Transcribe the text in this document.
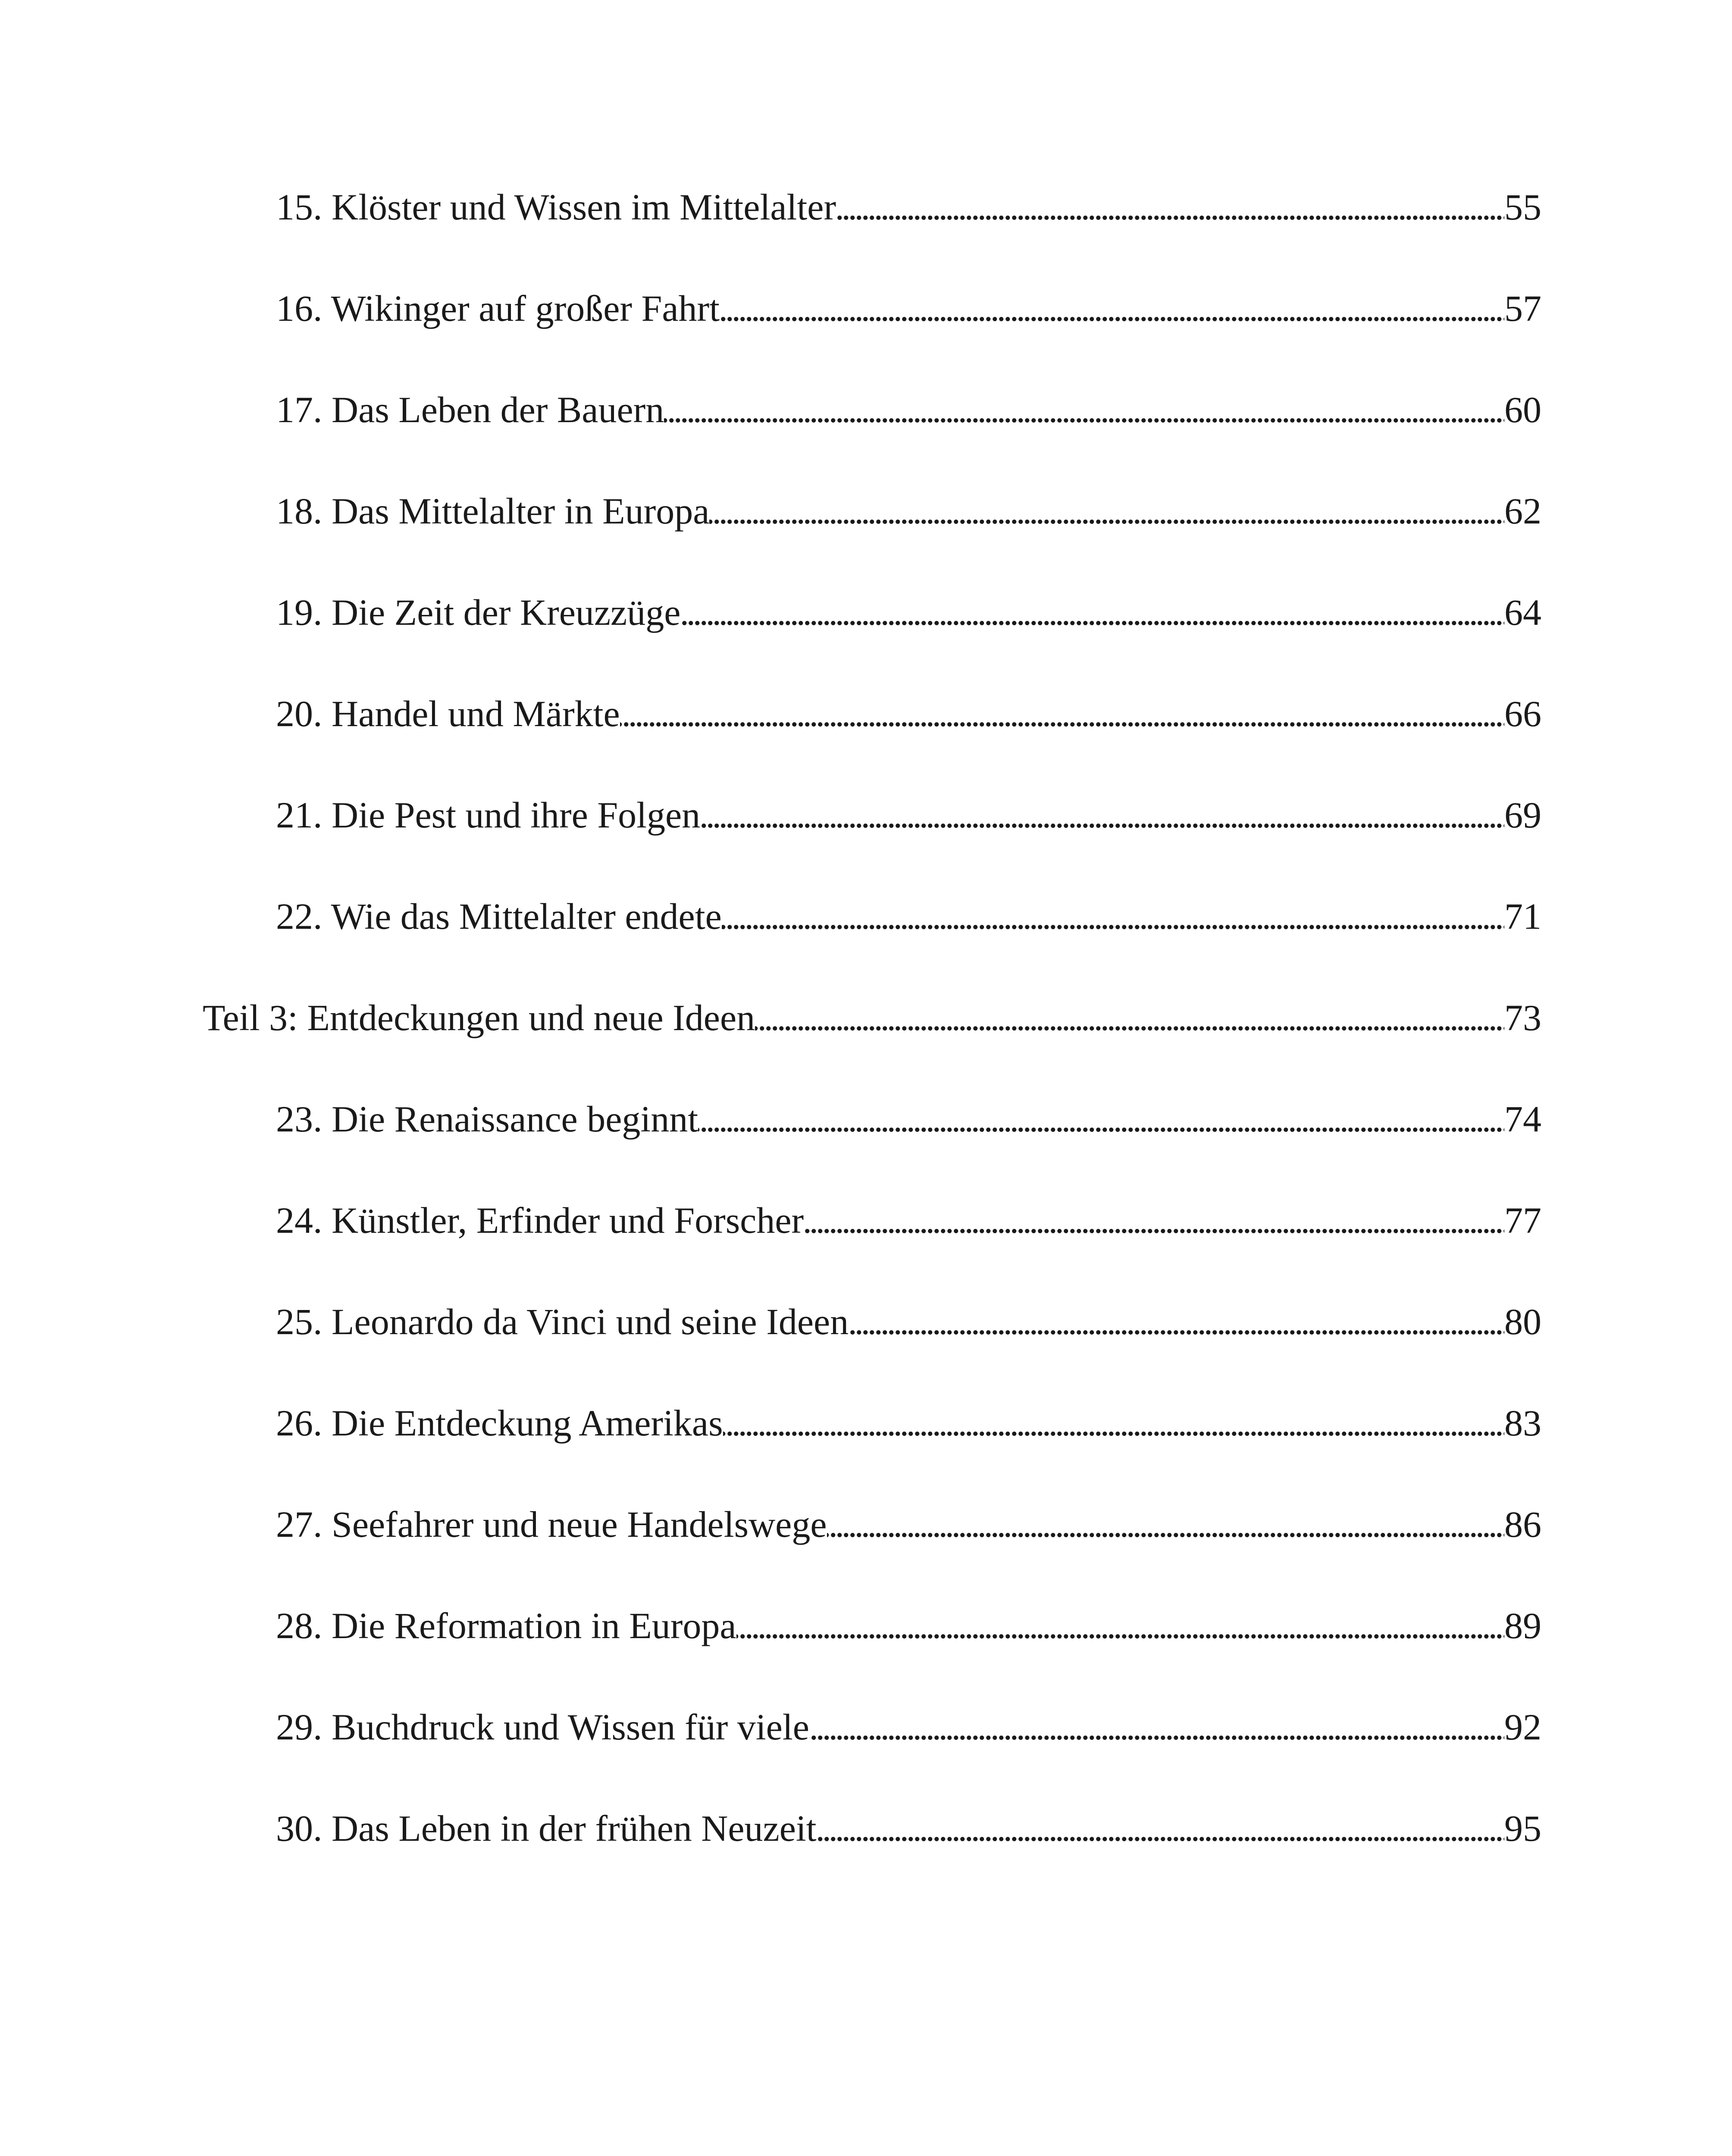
15. Klöster und Wissen im Mittelalter . . .	55
16. Wikinger auf großer Fahrt . . .	57
17. Das Leben der Bauern . . .	60
18. Das Mittelalter in Europa . . .	62
19. Die Zeit der Kreuzzüge . . .	64
20. Handel und Märkte . . .	66
21. Die Pest und ihre Folgen . . .	69
22. Wie das Mittelalter endete . . .	71
Teil 3: Entdeckungen und neue Ideen . . .	73
23. Die Renaissance beginnt . . .	74
24. Künstler, Erfinder und Forscher . . .	77
25. Leonardo da Vinci und seine Ideen . . .	80
26. Die Entdeckung Amerikas . . .	83
27. Seefahrer und neue Handelswege . . .	86
28. Die Reformation in Europa . . .	89
29. Buchdruck und Wissen für viele . . .	92
30. Das Leben in der frühen Neuzeit . . .	95
